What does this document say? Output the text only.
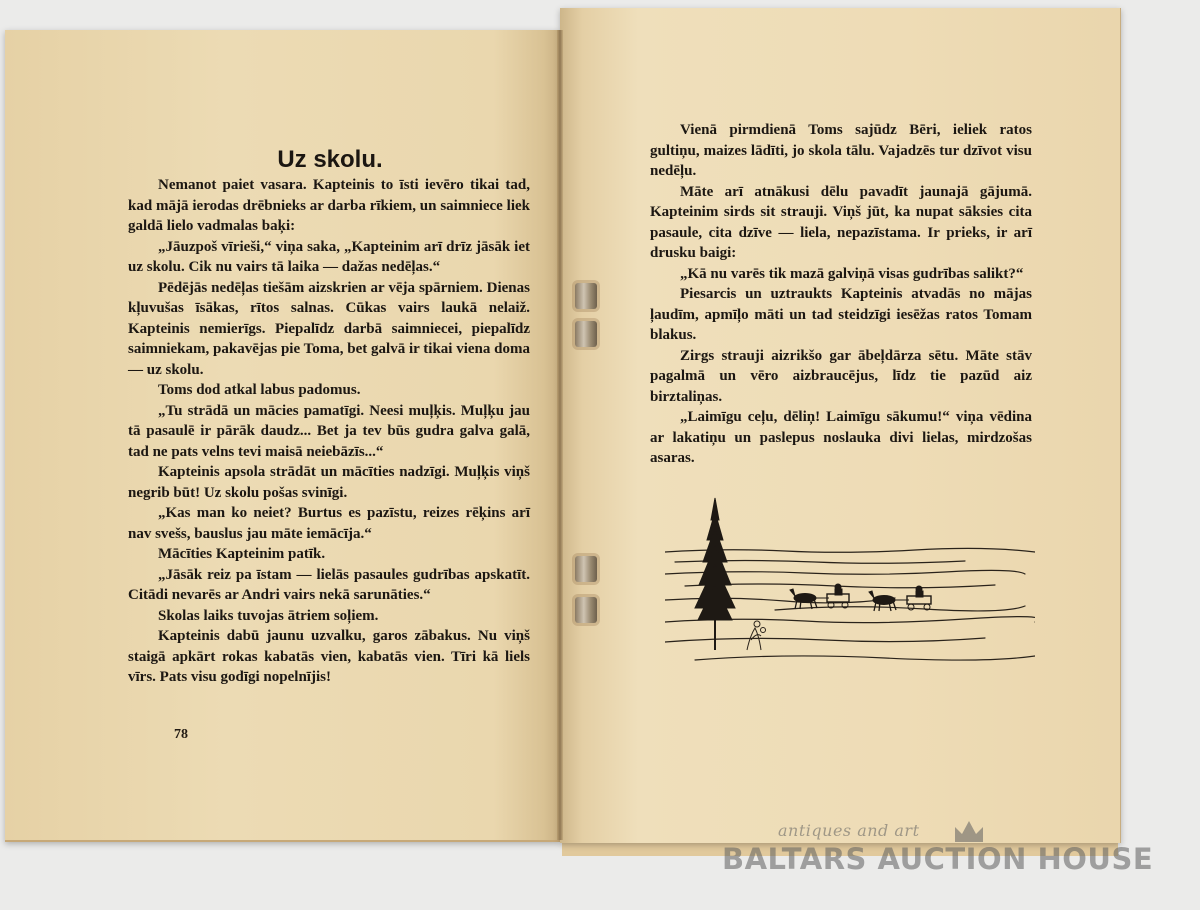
Uz skolu.

Nemanot paiet vasara. Kapteinis to īsti ievēro tikai tad, kad mājā ierodas drēbnieks ar darba rīkiem, un saimniece liek galdā lielo vadmalas baķi:

„Jāuzpoš vīrieši,“ viņa saka, „Kapteinim arī drīz jāsāk iet uz skolu. Cik nu vairs tā laika — dažas nedēļas.“

Pēdējās nedēļas tiešām aizskrien ar vēja spārniem. Dienas kļuvušas īsākas, rītos salnas. Cūkas vairs laukā nelaiž. Kapteinis nemierīgs. Piepalīdz darbā saimniecei, piepalīdz saimniekam, pakavējas pie Toma, bet galvā ir tikai viena doma — uz skolu.

Toms dod atkal labus padomus.

„Tu strādā un mācies pamatīgi. Neesi muļķis. Muļķu jau tā pasaulē ir pārāk daudz... Bet ja tev būs gudra galva galā, tad ne pats velns tevi maisā neiebāzīs...“

Kapteinis apsola strādāt un mācīties nadzīgi. Muļķis viņš negrib būt! Uz skolu pošas svinīgi.

„Kas man ko neiet? Burtus es pazīstu, reizes rēķins arī nav svešs, bauslus jau māte iemācīja.“

Mācīties Kapteinim patīk.

„Jāsāk reiz pa īstam — lielās pasaules gudrības apskatīt. Citādi nevarēs ar Andri vairs nekā sarunāties.“

Skolas laiks tuvojas ātriem soļiem.

Kapteinis dabū jaunu uzvalku, garos zābakus. Nu viņš staigā apkārt rokas kabatās vien, kabatās vien. Tīri kā liels vīrs. Pats visu godīgi nopelnījis!

78

Vienā pirmdienā Toms sajūdz Bēri, ieliek ratos gultiņu, maizes lādīti, jo skola tālu. Vajadzēs tur dzīvot visu nedēļu.

Māte arī atnākusi dēlu pavadīt jaunajā gājumā. Kapteinim sirds sit strauji. Viņš jūt, ka nupat sāksies cita pasaule, cita dzīve — liela, nepazīstama. Ir prieks, ir arī drusku baigi:

„Kā nu varēs tik mazā galviņā visas gudrības salikt?“

Piesarcis un uztraukts Kapteinis atvadās no mājas ļaudīm, apmīļo māti un tad steidzīgi iesēžas ratos Tomam blakus.

Zirgs strauji aizrikšo gar ābeļdārza sētu. Māte stāv pagalmā un vēro aizbraucējus, līdz tie pazūd aiz birztaliņas.

„Laimīgu ceļu, dēliņ! Laimīgu sākumu!“ viņa vēdina ar lakatiņu un paslepus noslauka divi lielas, mirdzošas asaras.

antiques and art
BALTARS AUCTION HOUSE
